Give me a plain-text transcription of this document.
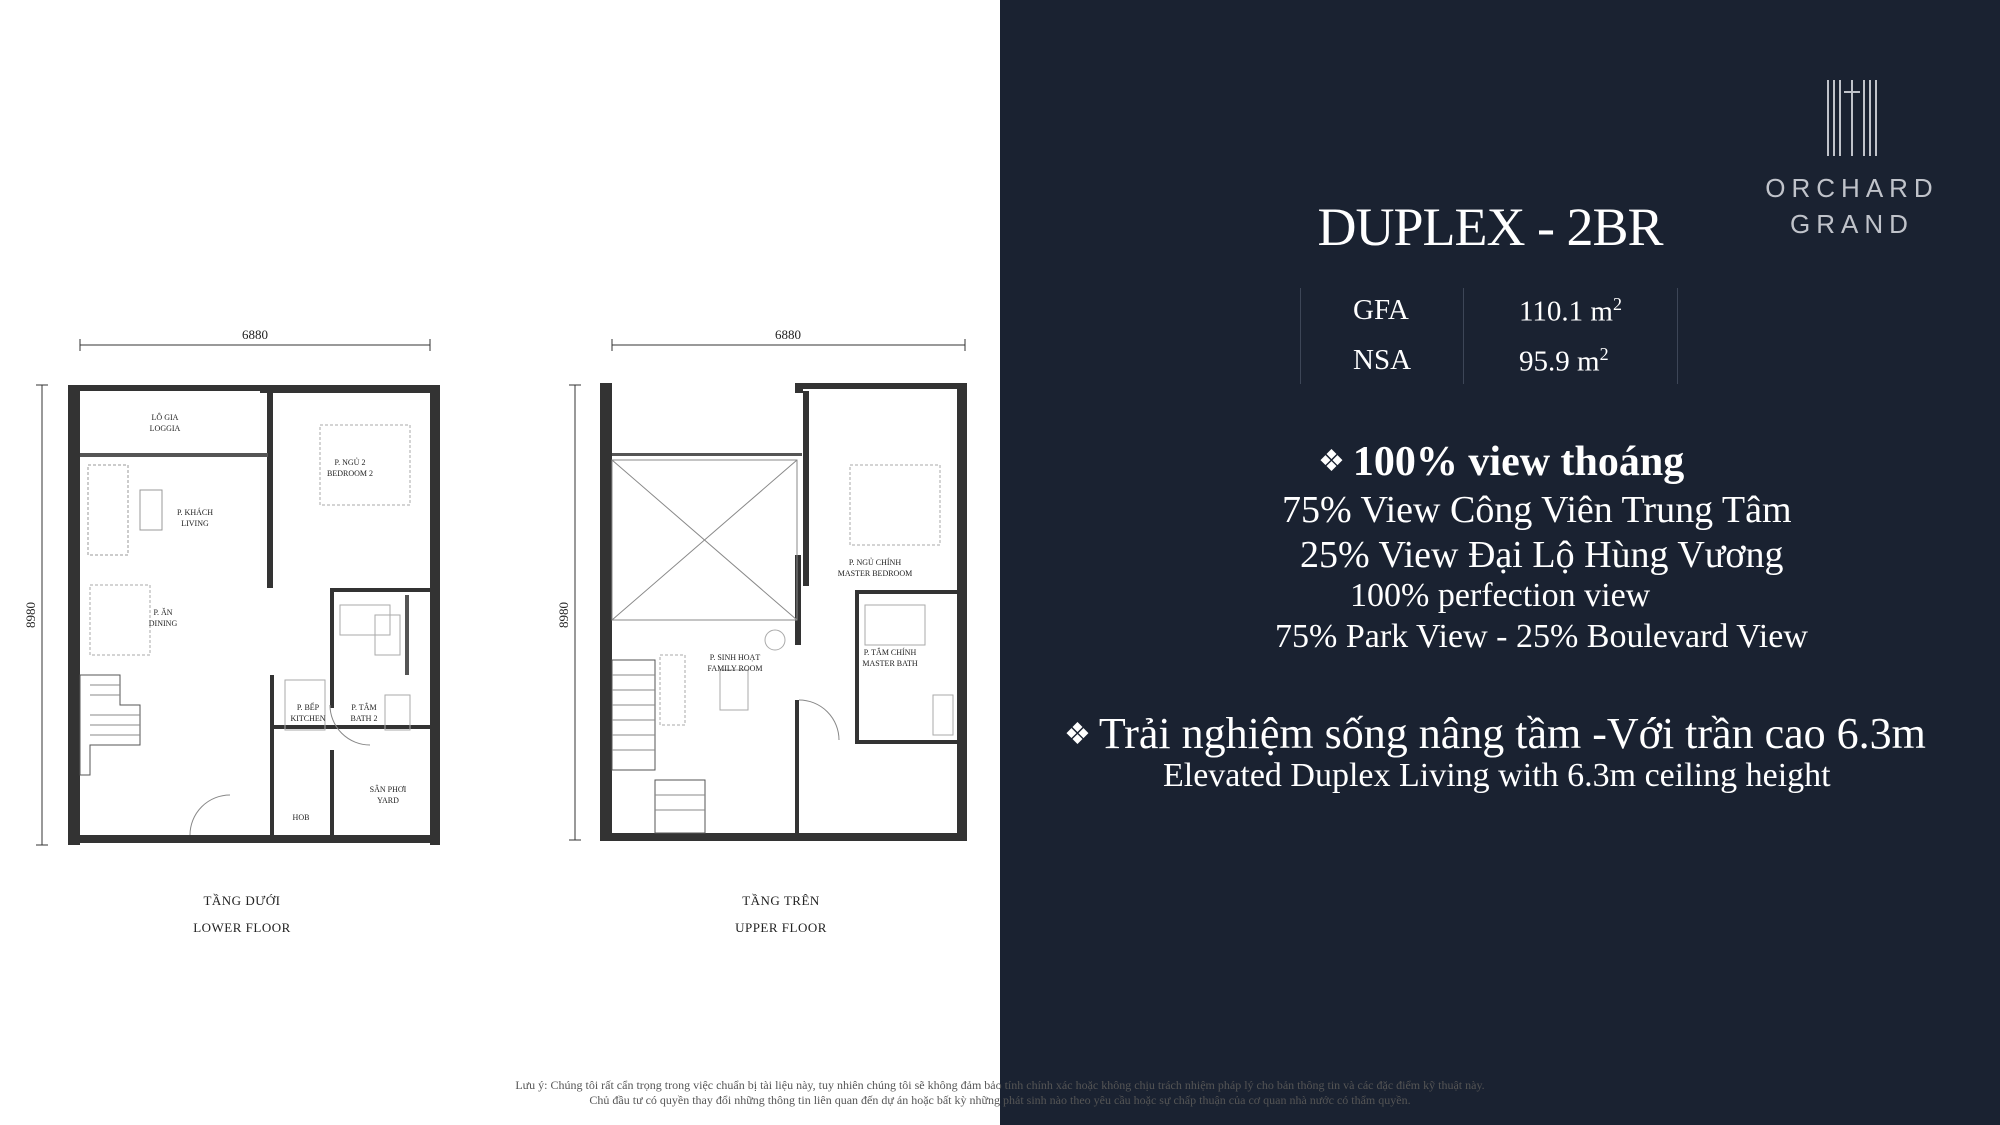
6880
8980
LÔ GIA
LOGGIA
P. NGỦ 2
BEDROOM 2
P. KHÁCH
LIVING
P. ĂN
DINING
P. BẾP
KITCHEN
P. TẮM
BATH 2
SÂN PHƠI
YARD
HOB
TẦNG DƯỚI
LOWER FLOOR
6880
8980
P. NGỦ CHÍNH
MASTER BEDROOM
P. SINH HOẠT
FAMILY ROOM
P. TẮM CHÍNH
MASTER BATH
TẦNG TRÊN
UPPER FLOOR
ORCHARD
GRAND
DUPLEX - 2BR
GFA	110.1 $m^2$
NSA	95.9 $m^2$
❖ 100% view thoáng
75% View Công Viên Trung Tâm
25% View Đại Lộ Hùng Vương
100% perfection view
75% Park View - 25% Boulevard View
❖ Trải nghiệm sống nâng tầm -Với trần cao 6.3m
Elevated Duplex Living with 6.3m ceiling height
Lưu ý: Chúng tôi rất cẩn trọng trong việc chuẩn bị tài liệu này, tuy nhiên chúng tôi sẽ không đảm bảo tính chính xác hoặc không chịu trách nhiệm pháp lý cho bản thông tin và các đặc điểm kỹ thuật này.
Chủ đầu tư có quyền thay đổi những thông tin liên quan đến dự án hoặc bất kỳ những phát sinh nào theo yêu cầu hoặc sự chấp thuận của cơ quan nhà nước có thẩm quyền.
